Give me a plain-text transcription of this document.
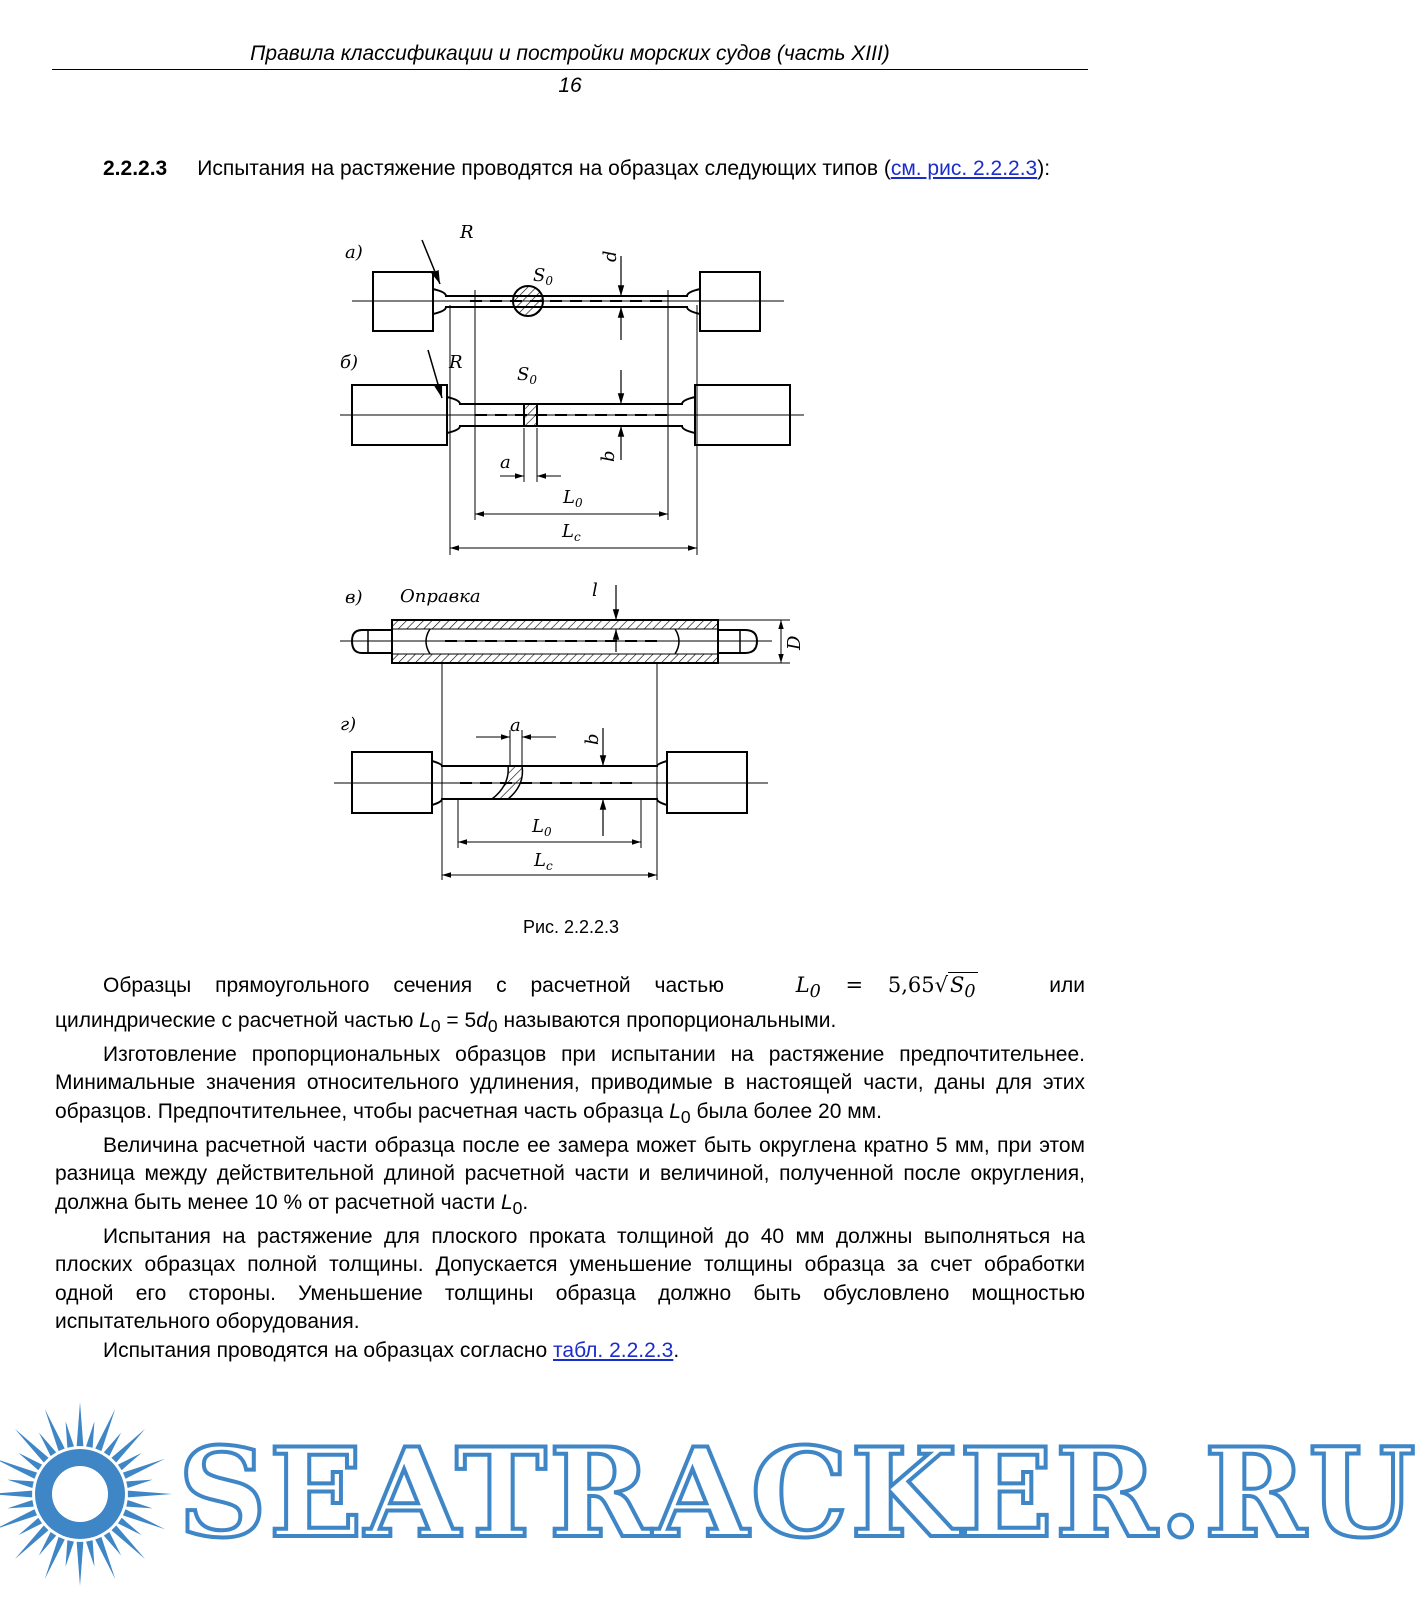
Правила классификации и постройки морских судов (часть XIII)
16

2.2.2.3 Испытания на растяжение проводятся на образцах следующих типов (см. рис. 2.2.2.3):

а)
R
$S_0$
d
б)	R
$S_0$
b
a
$L_0$
$L_c$
в) Оправка	l
D
г)	a
b
$L_0$
$L_c$
Рис. 2.2.2.3

Образцы прямоугольного сечения с расчетной частью	$L_0 = 5,65√S_0$	или

цилиндрические с расчетной частью $L_0 = 5d_0$ называются пропорциональными.

Изготовление пропорциональных образцов при испытании на растяжение предпочтительнее. Минимальные значения относительного удлинения, приводимые в настоящей части, даны для этих образцов. Предпочтительнее, чтобы расчетная часть образца $L_0$ была более 20 мм.

Величина расчетной части образца после ее замера может быть округлена кратно 5 мм, при этом разница между действительной длиной расчетной части и величиной, полученной после округления, должна быть менее 10 % от расчетной части $L_0$.

Испытания на растяжение для плоского проката толщиной до 40 мм должны выполняться на плоских образцах полной толщины. Допускается уменьшение толщины образца за счет обработки одной его стороны. Уменьшение толщины образца должно быть обусловлено мощностью испытательного оборудования.

Испытания проводятся на образцах согласно табл. 2.2.2.3.

SEATRACKER.RU
